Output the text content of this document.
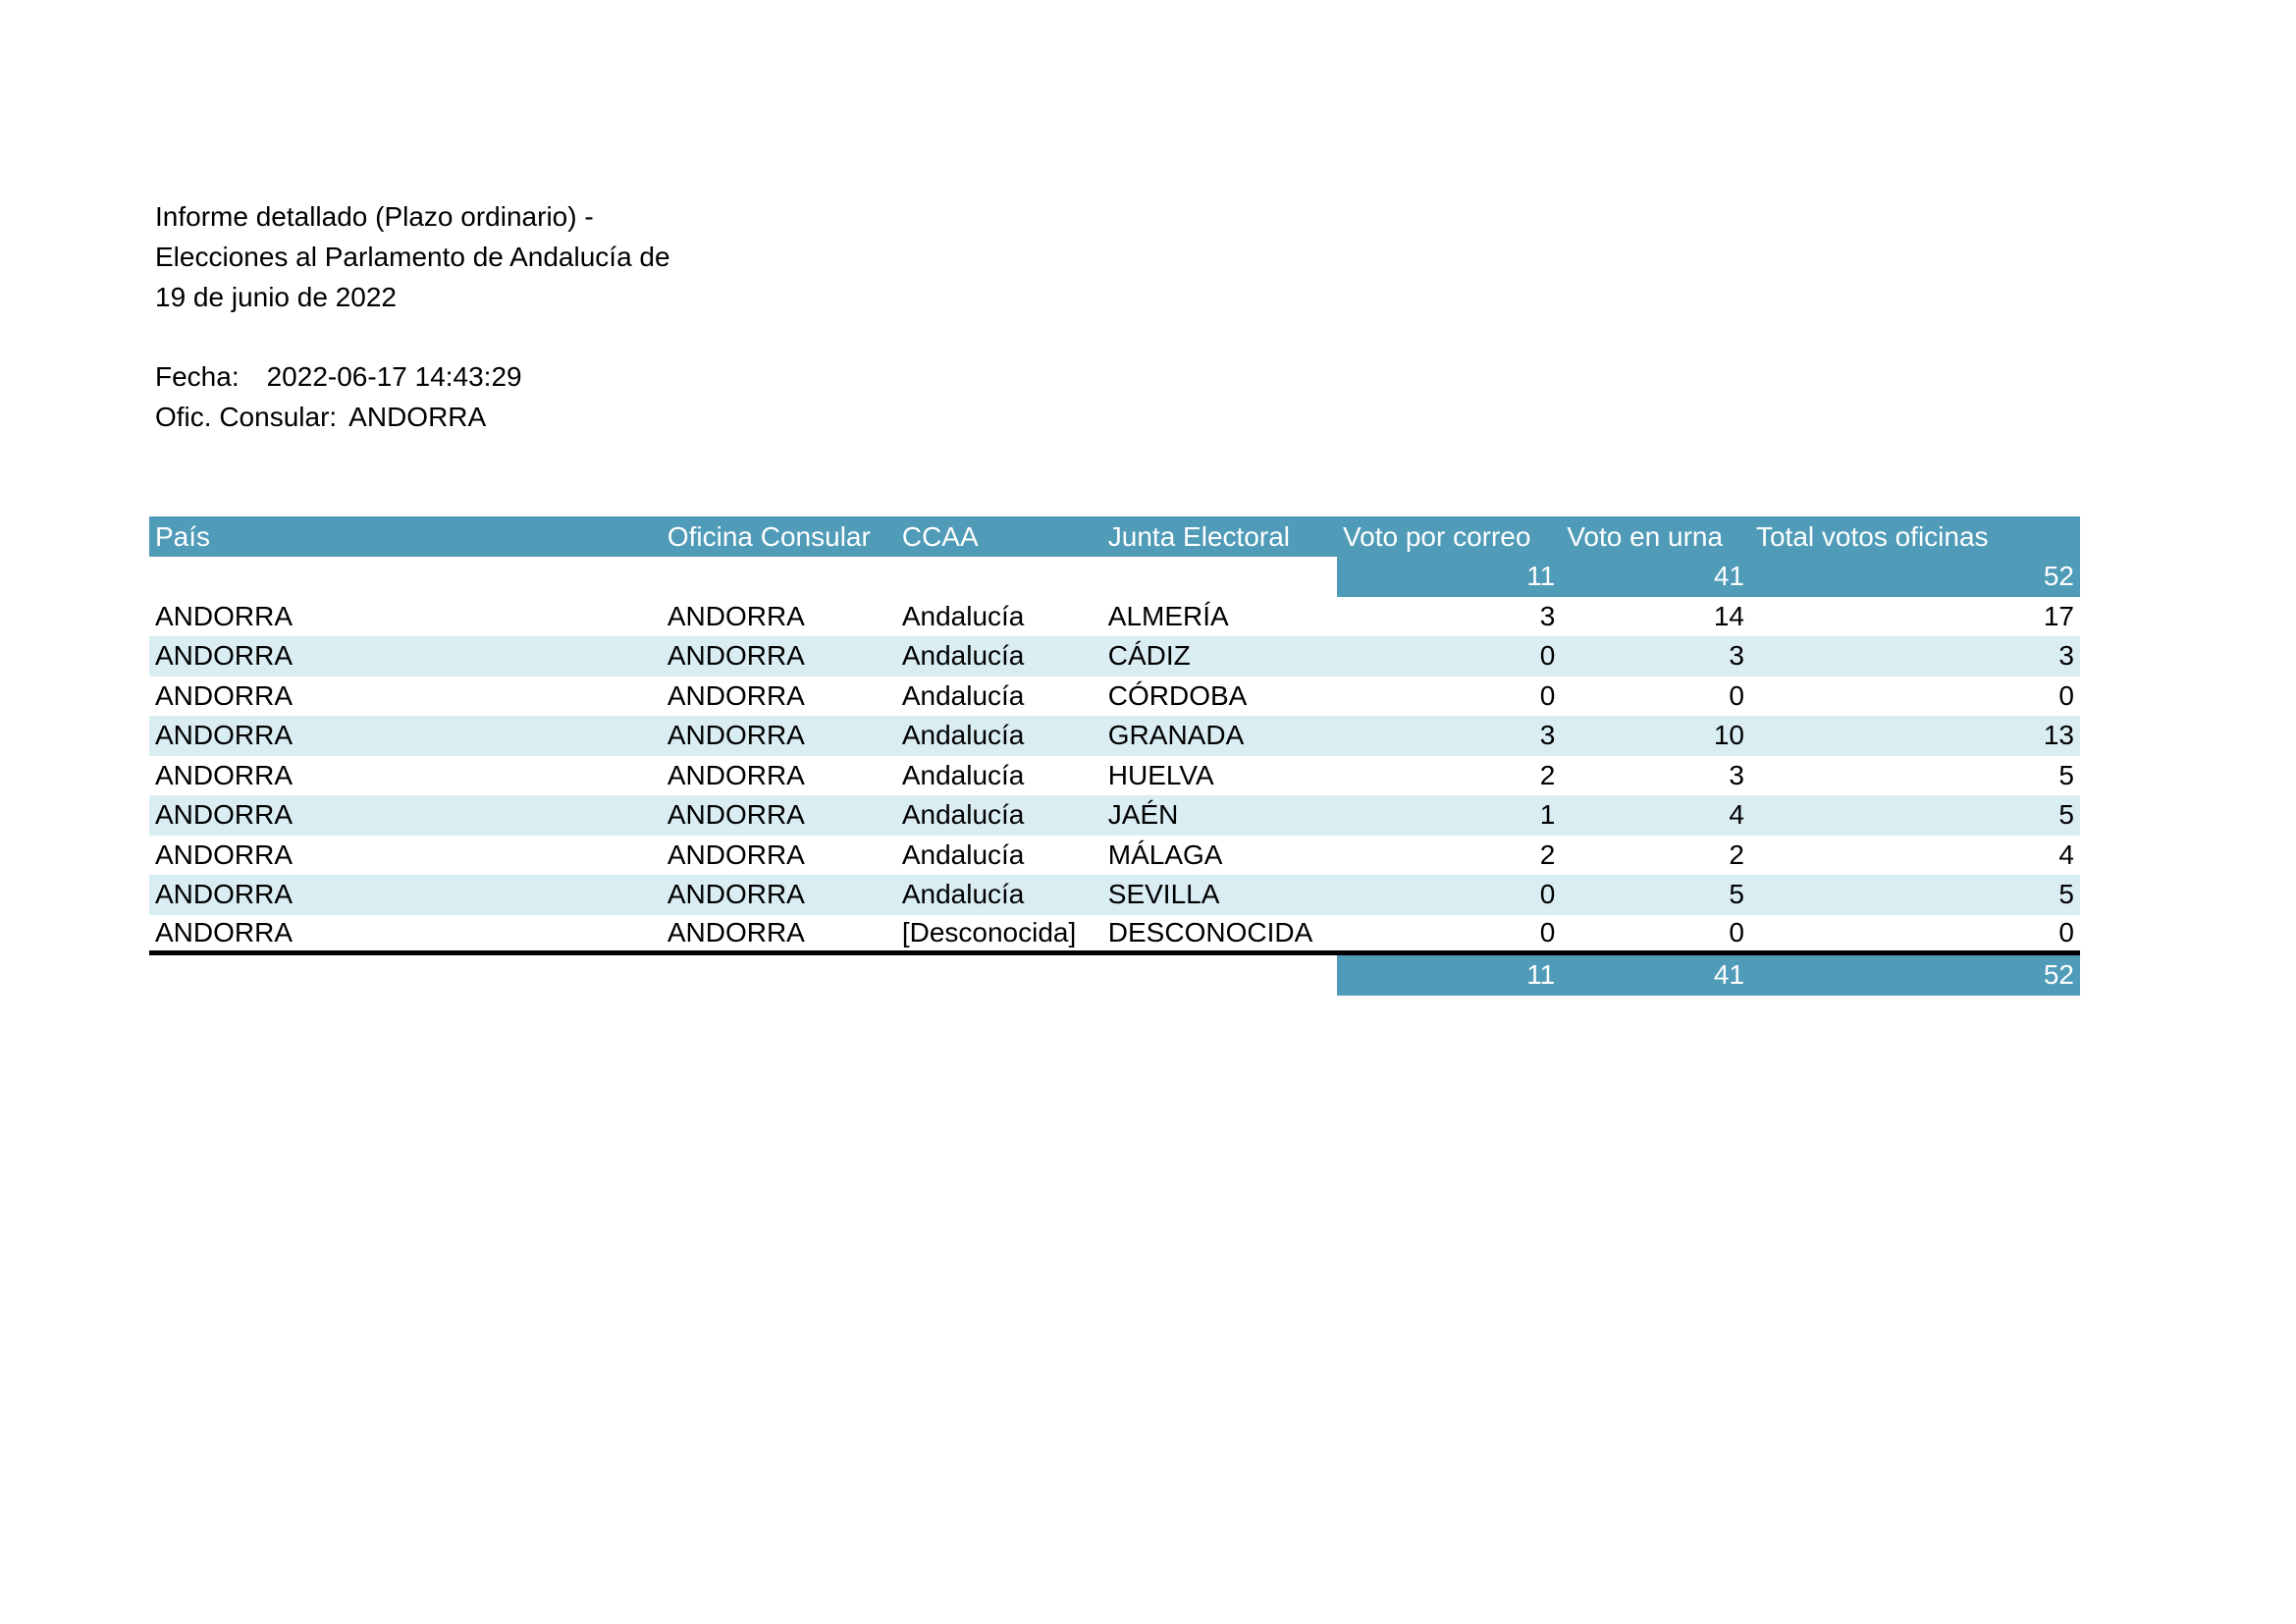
Informe detallado (Plazo ordinario) -
Elecciones al Parlamento de Andalucía de
19 de junio de 2022
Fecha: 2022-06-17 14:43:29
Ofic. Consular: ANDORRA
País	Oficina Consular	CCAA	Junta Electoral	Voto por correo	Voto en urna	Total votos oficinas
				11	41	52
ANDORRA	ANDORRA	Andalucía	ALMERÍA	3	14	17
ANDORRA	ANDORRA	Andalucía	CÁDIZ	0	3	3
ANDORRA	ANDORRA	Andalucía	CÓRDOBA	0	0	0
ANDORRA	ANDORRA	Andalucía	GRANADA	3	10	13
ANDORRA	ANDORRA	Andalucía	HUELVA	2	3	5
ANDORRA	ANDORRA	Andalucía	JAÉN	1	4	5
ANDORRA	ANDORRA	Andalucía	MÁLAGA	2	2	4
ANDORRA	ANDORRA	Andalucía	SEVILLA	0	5	5
ANDORRA	ANDORRA	[Desconocida]	DESCONOCIDA	0	0	0
				11	41	52
